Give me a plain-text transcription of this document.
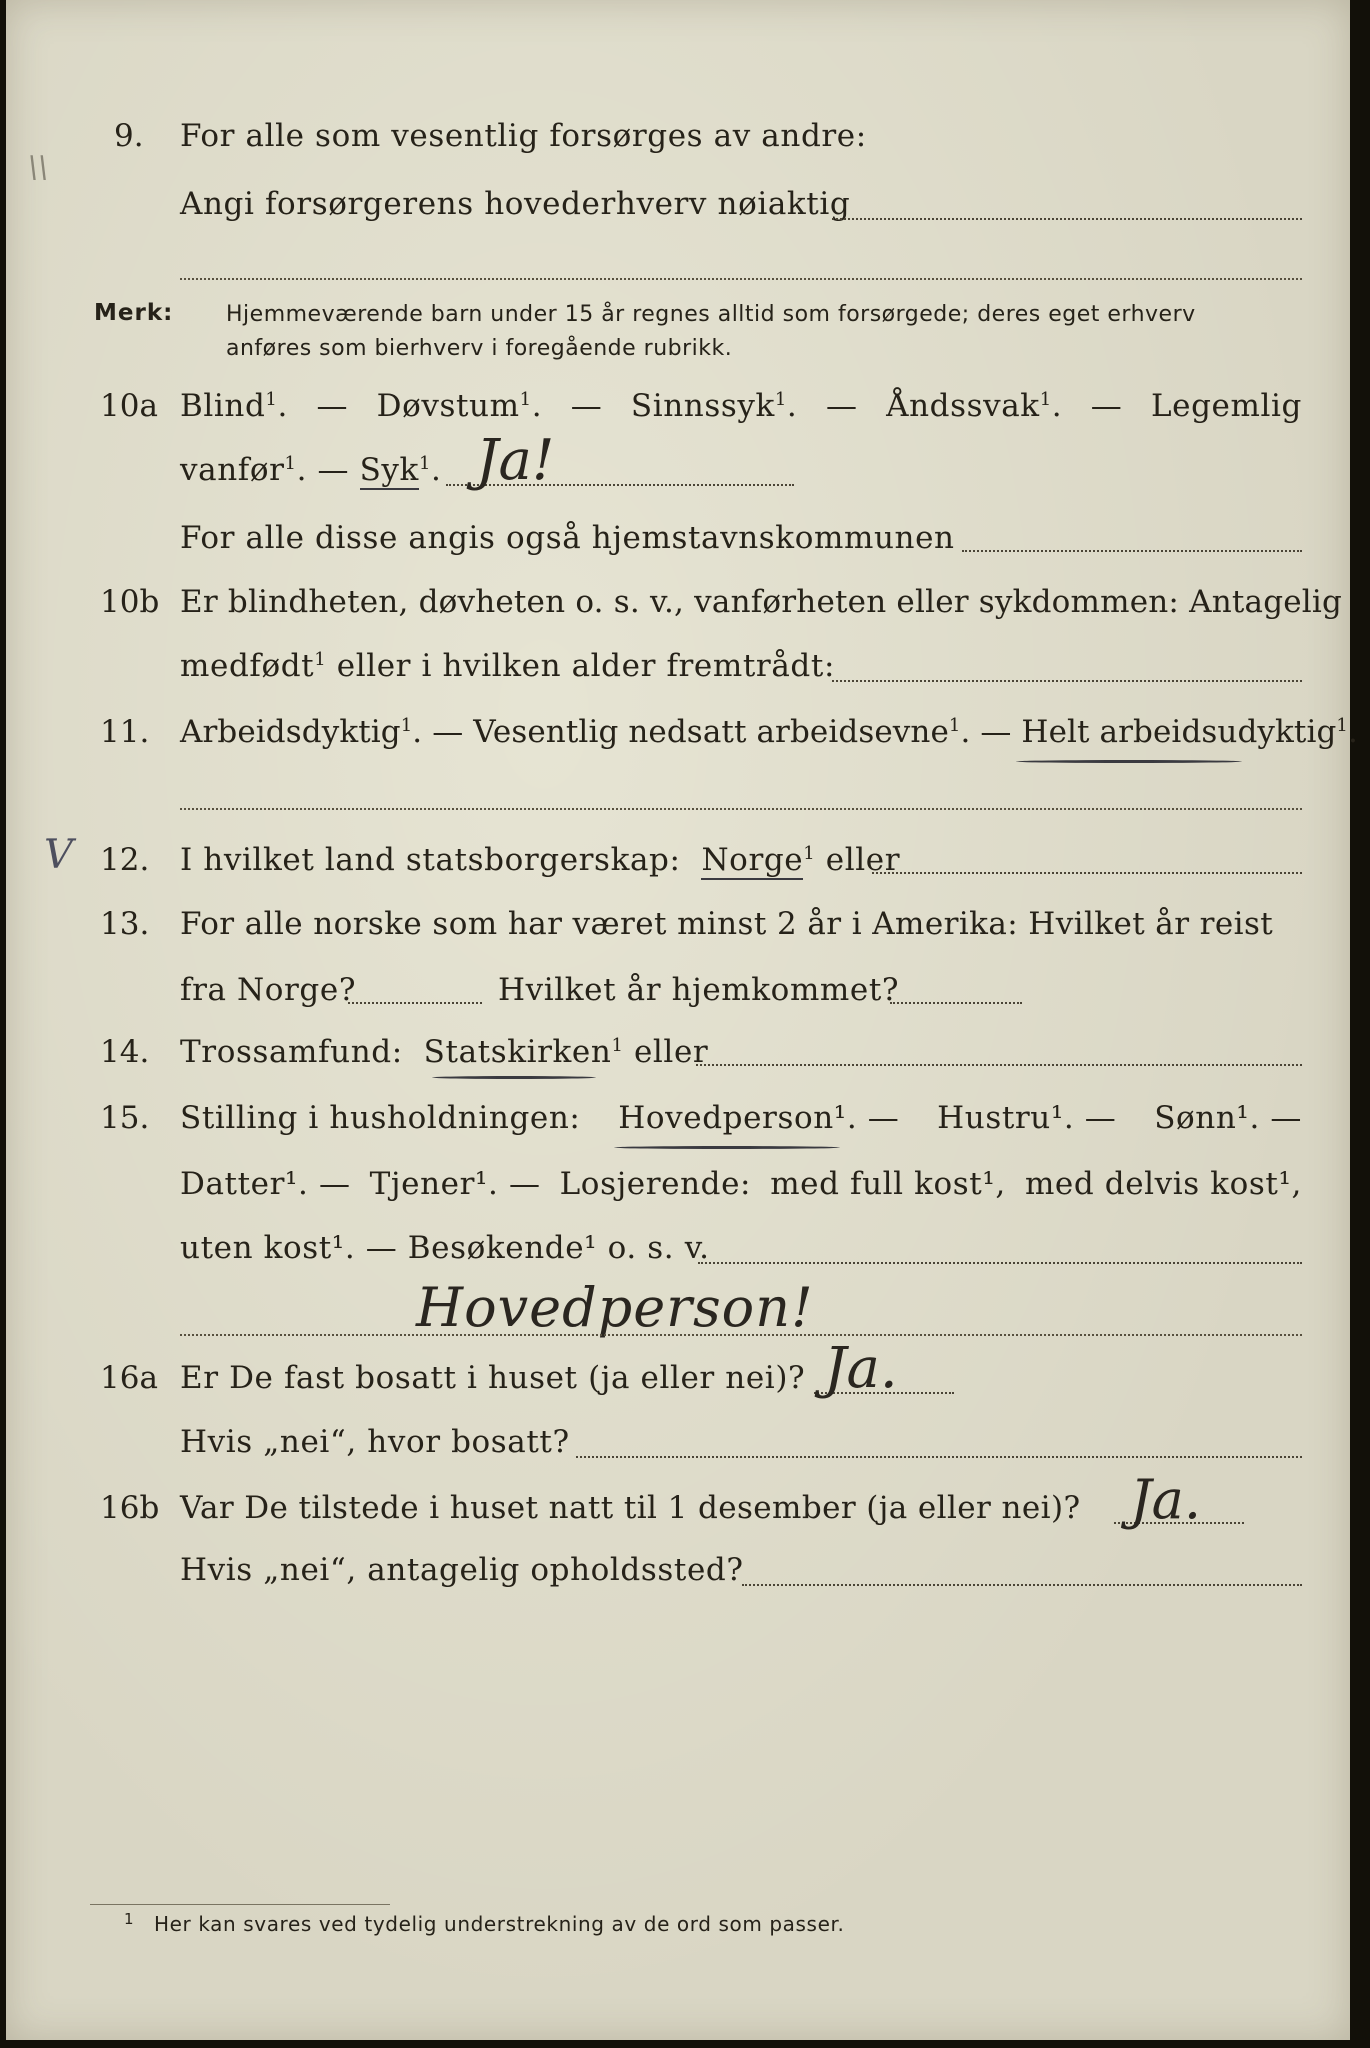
\\
V
9. For alle som vesentlig forsørges av andre:
Angi forsørgerens hovederhverv nøiaktig
Merk: Hjemmeværende barn under 15 år regnes alltid som forsørgede; deres eget erhverv
anføres som bierhverv i foregående rubrikk.
10a Blind$^1$. — Døvstum$^1$. — Sinnssyk$^1$. — Åndssvak$^1$. — Legemlig
vanfør$^1$. — Syk$^1$. Ja!
For alle disse angis også hjemstavnskommunen
10b Er blindheten, døvheten o. s. v., vanførheten eller sykdommen: Antagelig
medfødt$^1$ eller i hvilken alder fremtrådt:
11. Arbeidsdyktig$^1$. — Vesentlig nedsatt arbeidsevne$^1$. — Helt arbeidsudyktig$^1$.
12. I hvilket land statsborgerskap: Norge$^1$ eller
13. For alle norske som har været minst 2 år i Amerika: Hvilket år reist
fra Norge?	Hvilket år hjemkommet?
14. Trossamfund: Statskirken$^1$ eller
15. Stilling i husholdningen: Hovedperson¹. — Hustru¹. — Sønn¹. —
Datter¹. — Tjener¹. — Losjerende: med full kost¹, med delvis kost¹,
uten kost¹. — Besøkende¹ o. s. v.
Hovedperson!
16a Er De fast bosatt i huset (ja eller nei)? Ja.
Hvis „nei“, hvor bosatt?
16b Var De tilstede i huset natt til 1 desember (ja eller nei)? Ja.
Hvis „nei“, antagelig opholdssted?
1 Her kan svares ved tydelig understrekning av de ord som passer.
